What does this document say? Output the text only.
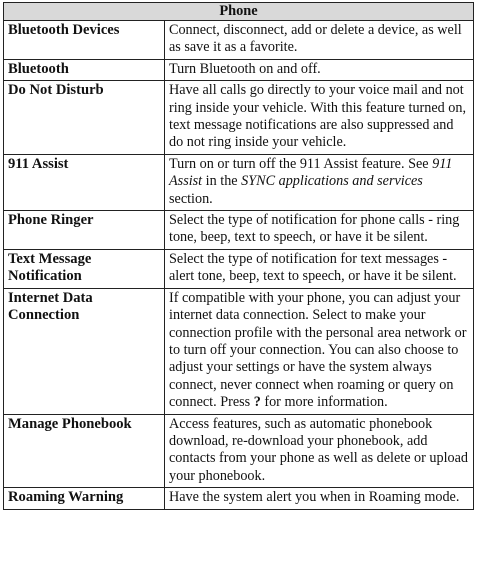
Phone	
Bluetooth Devices	Connect, disconnect, add or delete a device, as well as save it as a favorite.
Bluetooth	Turn Bluetooth on and off.
Do Not Disturb	Have all calls go directly to your voice mail and not ring inside your vehicle. With this feature turned on, text message notifications are also suppressed and do not ring inside your vehicle.
911 Assist	Turn on or turn off the 911 Assist feature. See 911 Assist in the SYNC applications and services section.
Phone Ringer	Select the type of notification for phone calls - ring tone, beep, text to speech, or have it be silent.
Text Message Notification	Select the type of notification for text messages - alert tone, beep, text to speech, or have it be silent.
Internet Data Connection	If compatible with your phone, you can adjust your internet data connection. Select to make your connection profile with the personal area network or to turn off your connection. You can also choose to adjust your settings or have the system always connect, never connect when roaming or query on connect. Press ? for more information.
Manage Phonebook	Access features, such as automatic phonebook download, re-download your phonebook, add contacts from your phone as well as delete or upload your phonebook.
Roaming Warning	Have the system alert you when in Roaming mode.
